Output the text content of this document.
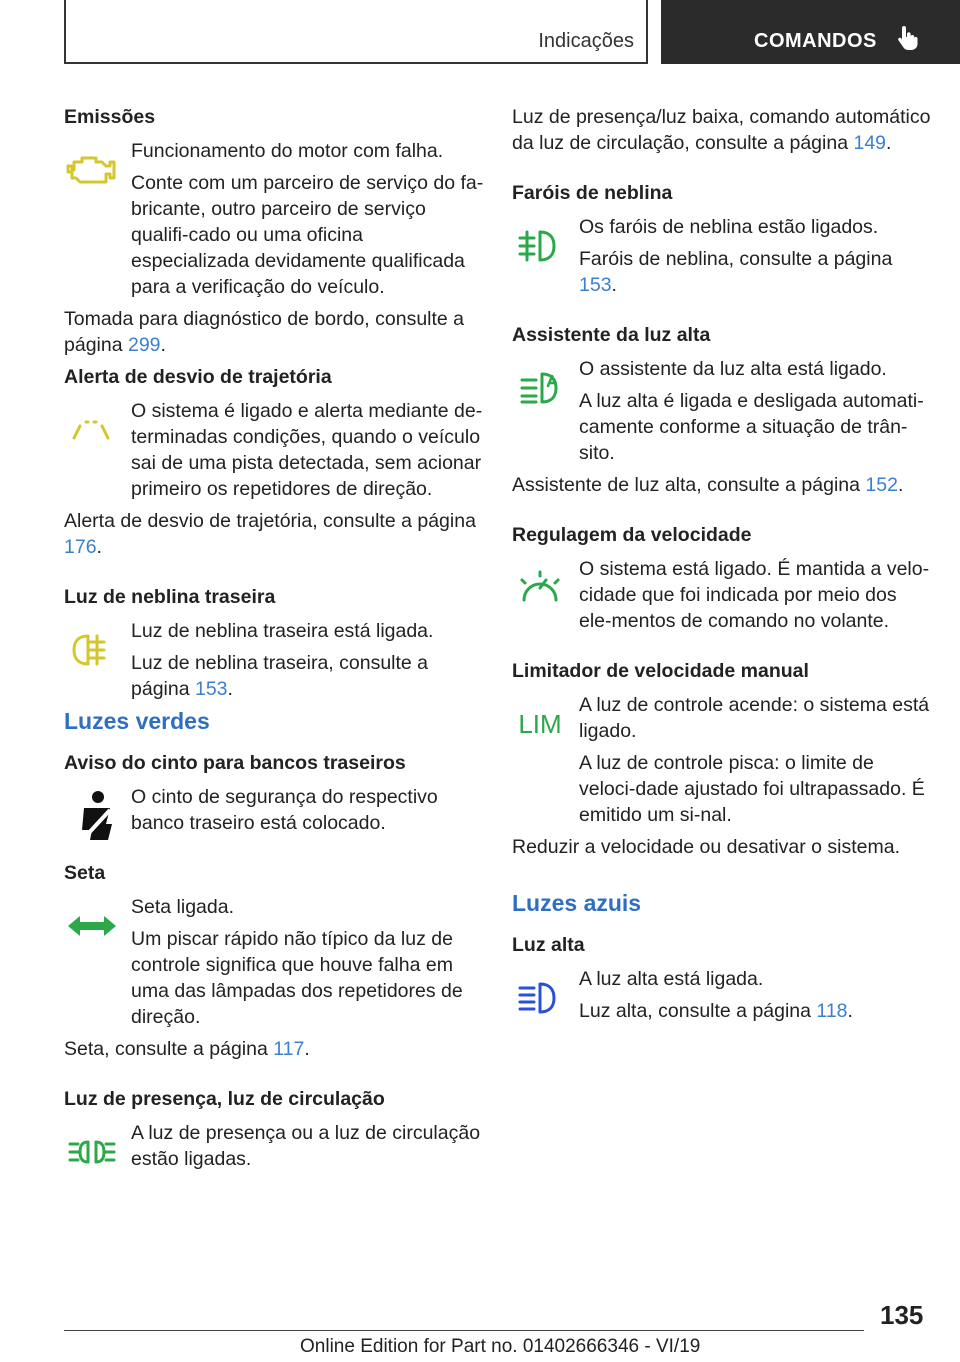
Indicações	COMANDOS
Emissões
Funcionamento do motor com falha.
Conte com um parceiro de serviço do fa-bricante, outro parceiro de serviço qualifi-cado ou uma oficina especializada devidamente qualificada para a verificação do veículo.
Tomada para diagnóstico de bordo, consulte a página 299.
Alerta de desvio de trajetória
O sistema é ligado e alerta mediante de-terminadas condições, quando o veículo sai de uma pista detectada, sem acionar primeiro os repetidores de direção.
Alerta de desvio de trajetória, consulte a página 176.
Luz de neblina traseira
Luz de neblina traseira está ligada.
Luz de neblina traseira, consulte a página 153.
Luzes verdes
Aviso do cinto para bancos traseiros
O cinto de segurança do respectivo banco traseiro está colocado.
Seta
Seta ligada.
Um piscar rápido não típico da luz de controle significa que houve falha em uma das lâmpadas dos repetidores de direção.
Seta, consulte a página 117.
Luz de presença, luz de circulação
A luz de presença ou a luz de circulação estão ligadas.
Luz de presença/luz baixa, comando automático da luz de circulação, consulte a página 149.
Faróis de neblina
Os faróis de neblina estão ligados.
Faróis de neblina, consulte a página 153.
Assistente da luz alta
O assistente da luz alta está ligado.
A luz alta é ligada e desligada automati-camente conforme a situação de trân-sito.
Assistente de luz alta, consulte a página 152.
Regulagem da velocidade
O sistema está ligado. É mantida a velo-cidade que foi indicada por meio dos ele-mentos de comando no volante.
Limitador de velocidade manual
LIM
A luz de controle acende: o sistema está ligado.
A luz de controle pisca: o limite de veloci-dade ajustado foi ultrapassado. É emitido um si-nal.
Reduzir a velocidade ou desativar o sistema.
Luzes azuis
Luz alta
A luz alta está ligada.
Luz alta, consulte a página 118.
135
Online Edition for Part no. 01402666346 - VI/19
